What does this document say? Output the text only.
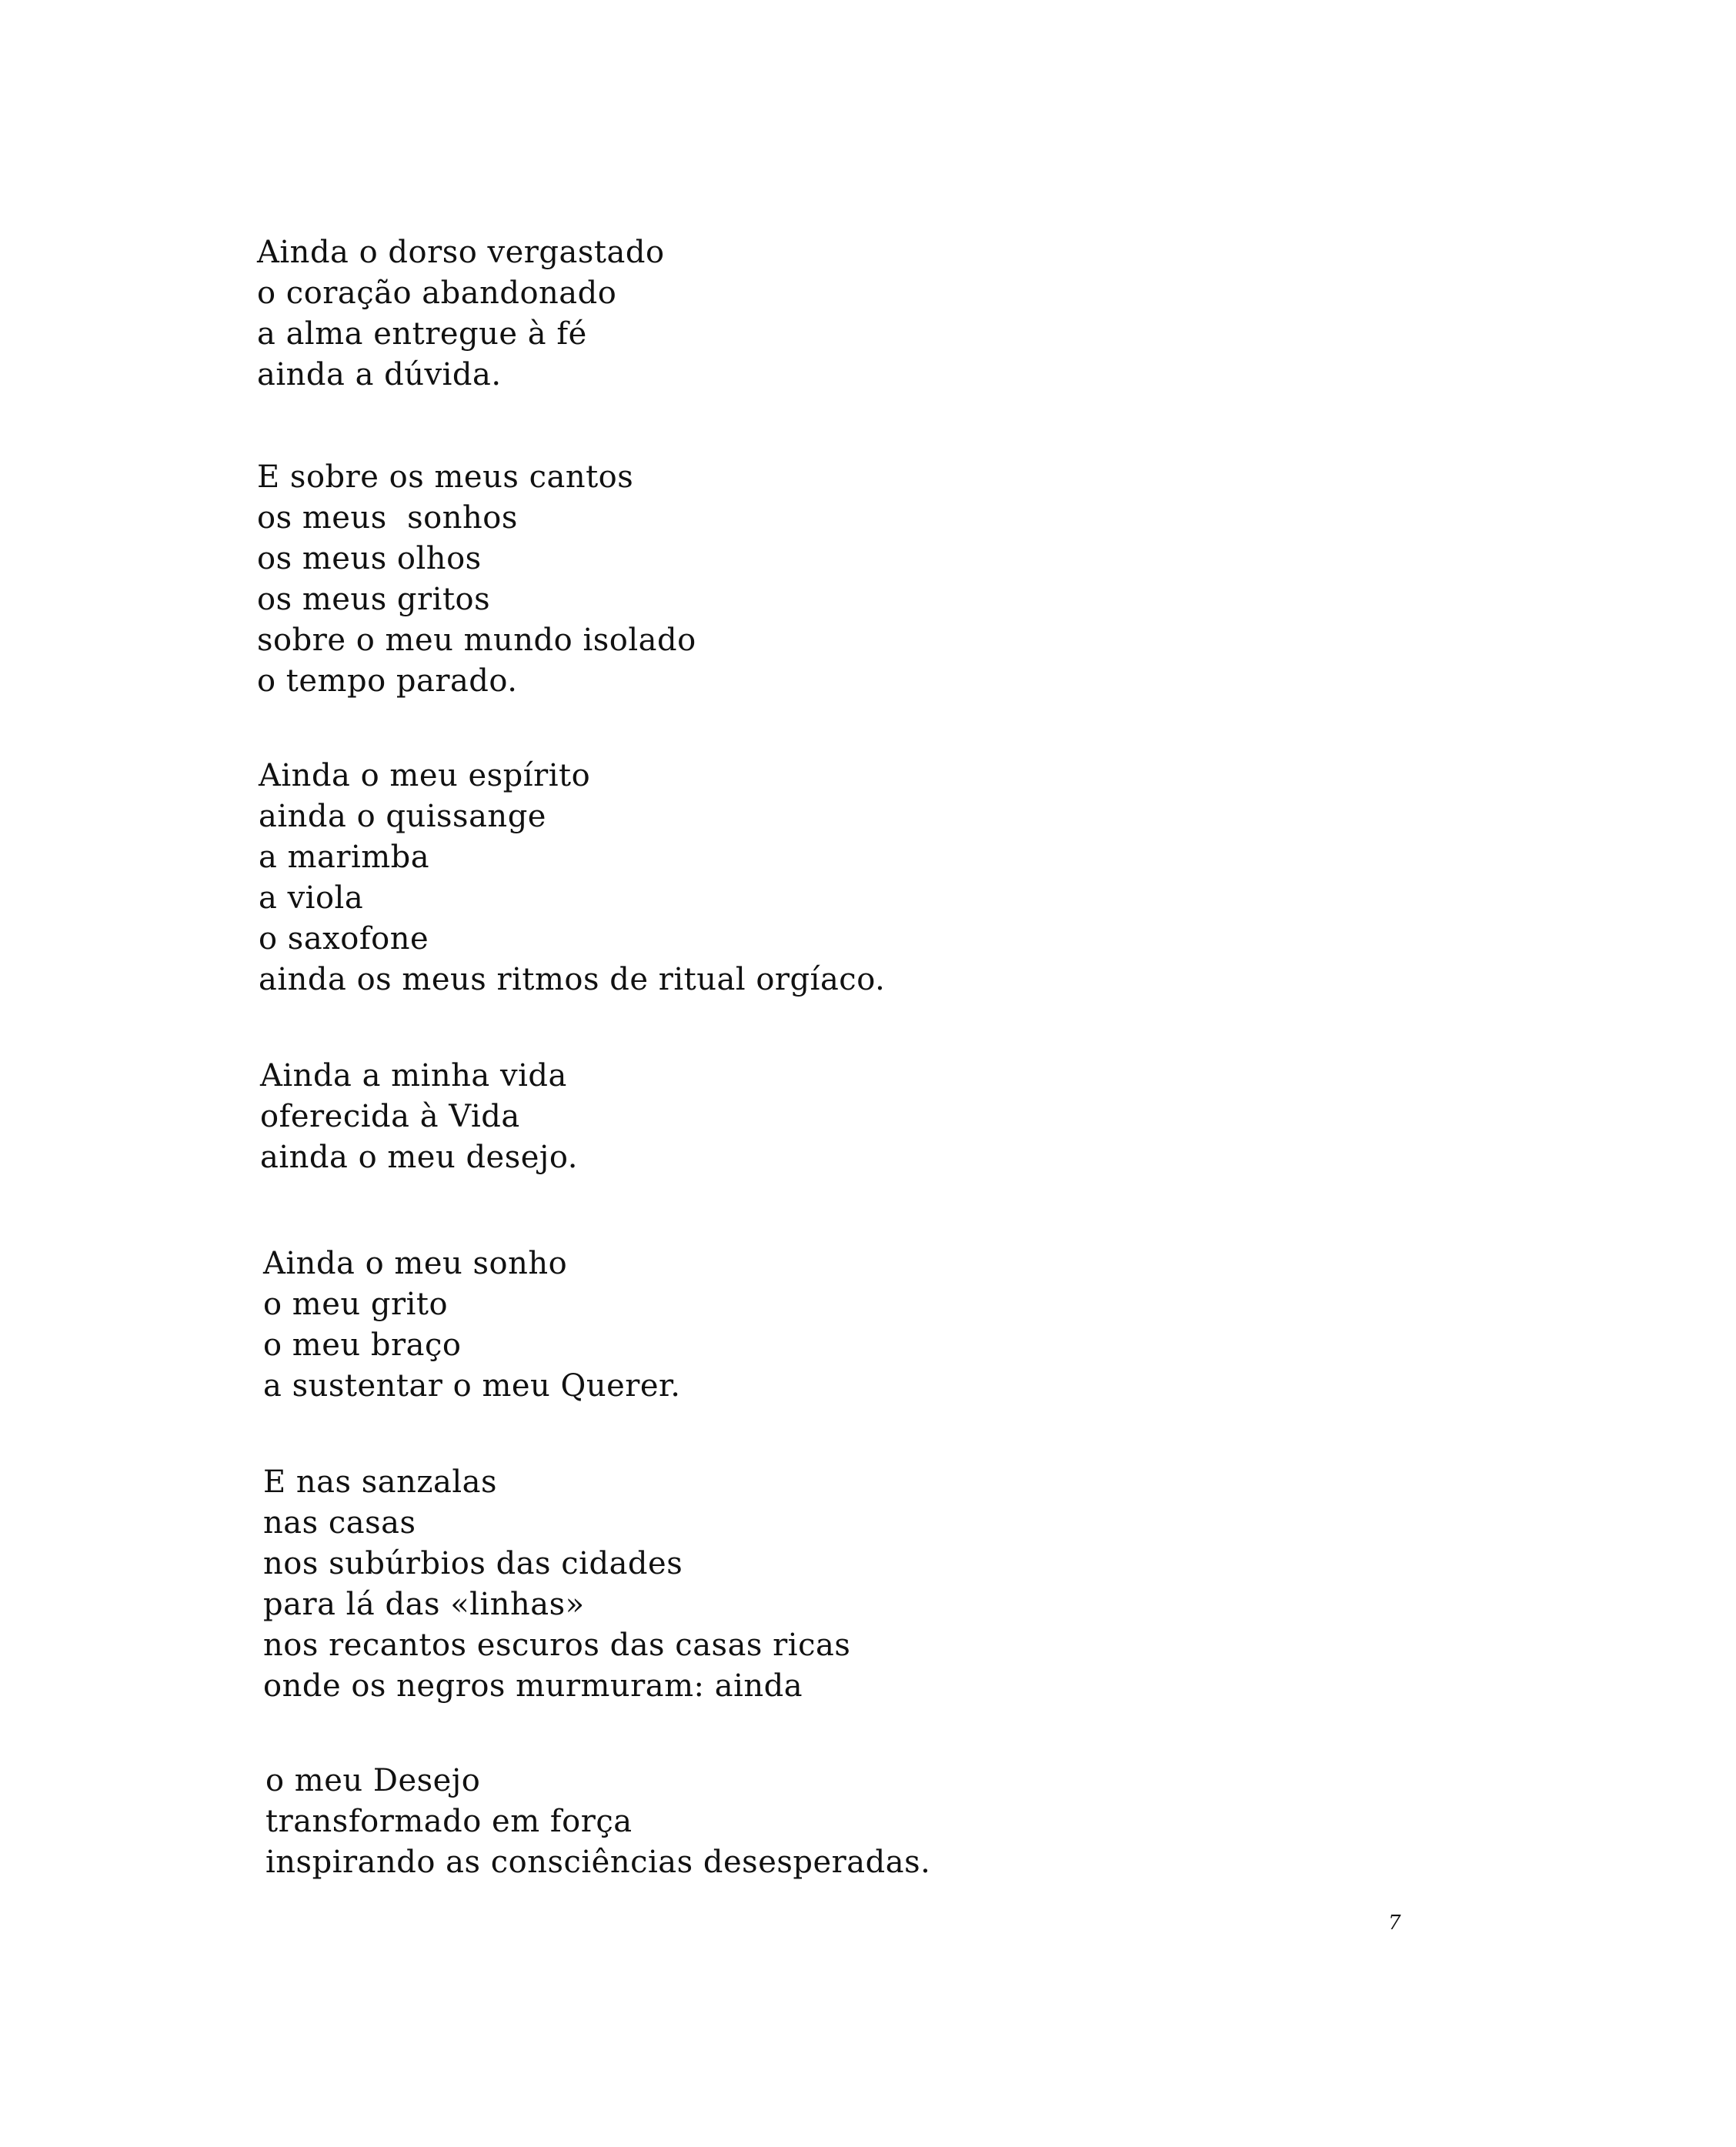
Ainda o dorso vergastado
o coração abandonado
a alma entregue à fé
ainda a dúvida.
E sobre os meus cantos
os meus  sonhos
os meus olhos
os meus gritos
sobre o meu mundo isolado
o tempo parado.
Ainda o meu espírito
ainda o quissange
a marimba
a viola
o saxofone
ainda os meus ritmos de ritual orgíaco.
Ainda a minha vida
oferecida à Vida
ainda o meu desejo.
Ainda o meu sonho
o meu grito
o meu braço
a sustentar o meu Querer.
E nas sanzalas
nas casas
nos subúrbios das cidades
para lá das «linhas»
nos recantos escuros das casas ricas
onde os negros murmuram: ainda
o meu Desejo
transformado em força
inspirando as consciências desesperadas.
7
